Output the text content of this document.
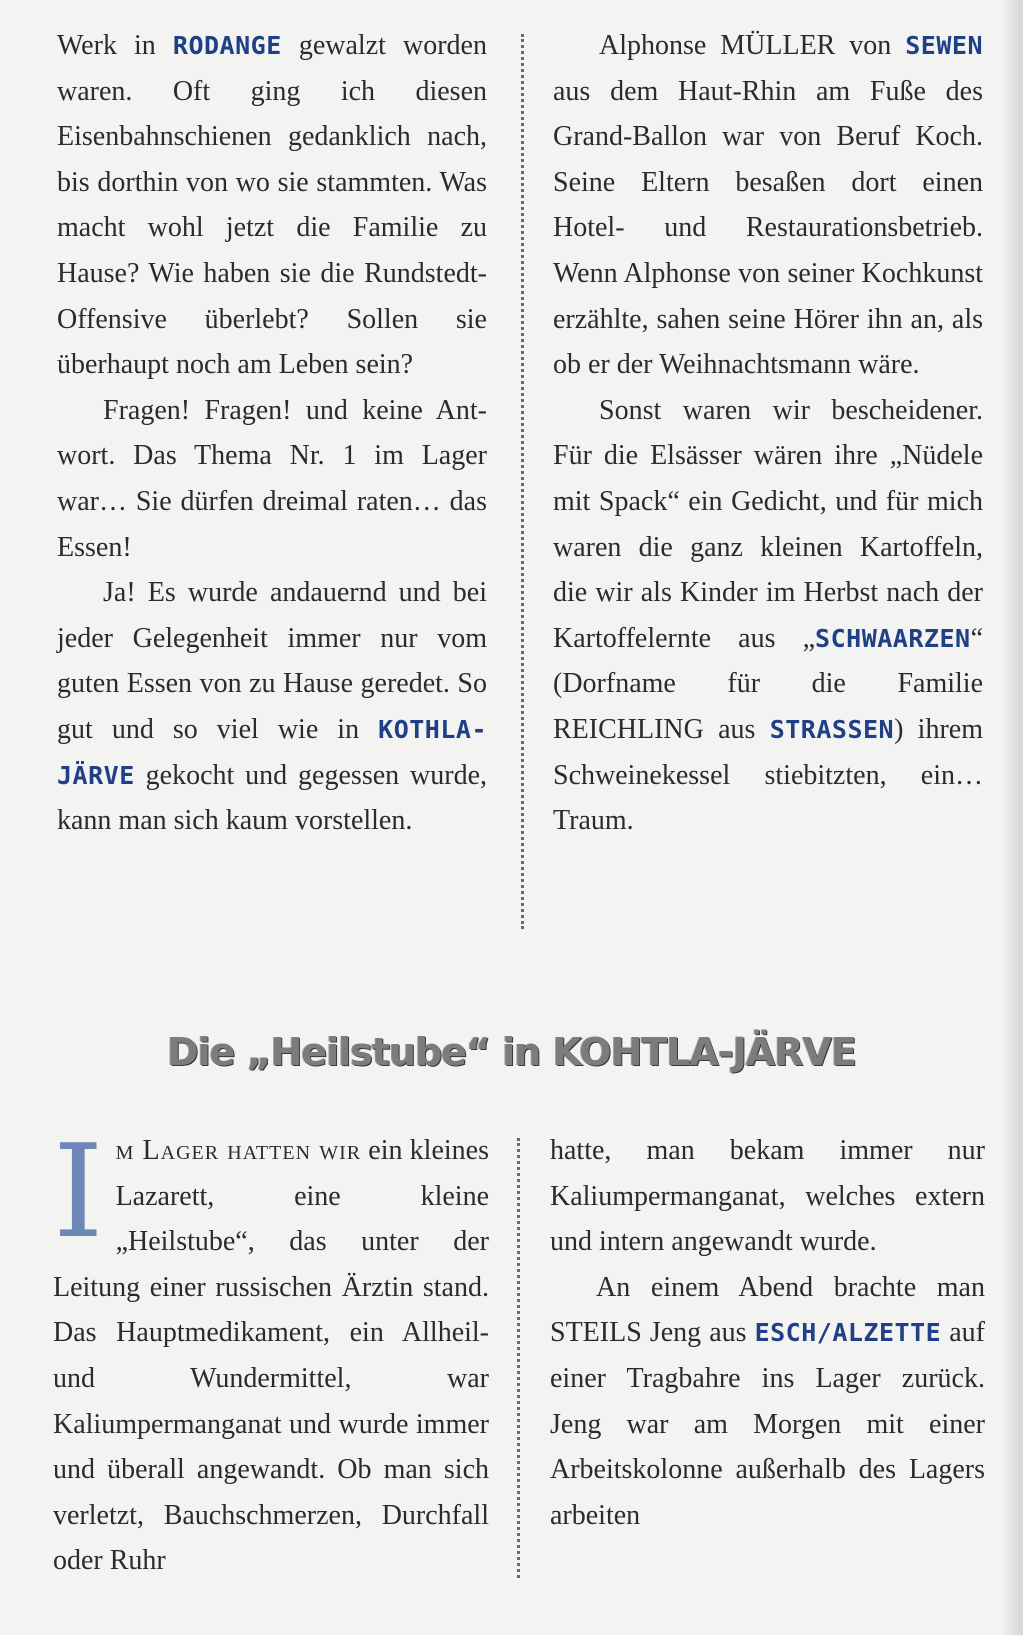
Werk in RODANGE gewalzt worden waren. Oft ging ich diesen Eisenbahnschienen gedanklich nach, bis dorthin von wo sie stammten. Was macht wohl jetzt die Familie zu Hause? Wie haben sie die Rundstedt-Offensive überlebt? Sollen sie überhaupt noch am Leben sein?

Fragen! Fragen! und keine Antwort. Das Thema Nr. 1 im Lager war… Sie dürfen dreimal raten… das Essen!

Ja! Es wurde andauernd und bei jeder Gelegenheit immer nur vom guten Essen von zu Hause geredet. So gut und so viel wie in KOTHLA-JÄRVE gekocht und gegessen wurde, kann man sich kaum vorstellen.

Alphonse MÜLLER von SEWEN aus dem Haut-Rhin am Fuße des Grand-Ballon war von Beruf Koch. Seine Eltern besaßen dort einen Hotel- und Restaurationsbetrieb. Wenn Alphonse von seiner Kochkunst erzählte, sahen seine Hörer ihn an, als ob er der Weihnachtsmann wäre.

Sonst waren wir bescheidener. Für die Elsässer wären ihre „Nüdele mit Spack“ ein Gedicht, und für mich waren die ganz kleinen Kartoffeln, die wir als Kinder im Herbst nach der Kartoffelernte aus „SCHWAARZEN“ (Dorfname für die Familie REICHLING aus STRASSEN) ihrem Schweinekessel stiebitzten, ein… Traum.

Die „Heilstube“ in KOHTLA-JÄRVE

Im Lager hatten wir ein kleines Lazarett, eine kleine „Heilstube“, das unter der Leitung einer russischen Ärztin stand. Das Hauptmedikament, ein Allheil- und Wundermittel, war Kaliumpermanganat und wurde immer und überall angewandt. Ob man sich verletzt, Bauchschmerzen, Durchfall oder Ruhr

hatte, man bekam immer nur Kaliumpermanganat, welches extern und intern angewandt wurde.

An einem Abend brachte man STEILS Jeng aus ESCH/ALZETTE auf einer Tragbahre ins Lager zurück. Jeng war am Morgen mit einer Arbeitskolonne außerhalb des Lagers arbeiten
